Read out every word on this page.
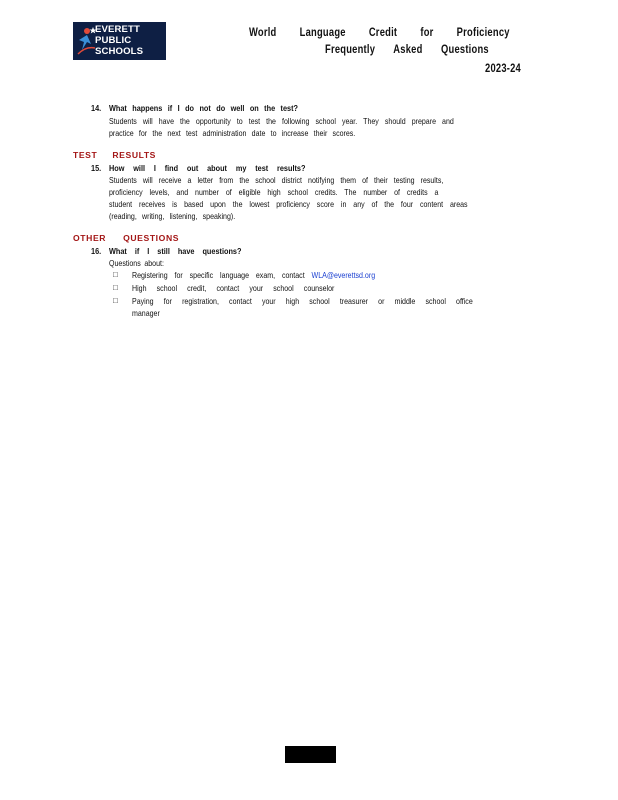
EVERETT
PUBLIC
SCHOOLS
World Language Credit for Proficiency
Frequently Asked Questions
2023-24
14. What happens if I do not do well on the test?
Students will have the opportunity to test the following school year. They should prepare and
practice for the next test administration date to increase their scores.
TEST RESULTS
15. How will I find out about my test results?
Students will receive a letter from the school district notifying them of their testing results,
proficiency levels, and number of eligible high school credits. The number of credits a
student receives is based upon the lowest proficiency score in any of the four content areas
(reading, writing, listening, speaking).
OTHER QUESTIONS
16. What if I still have questions?
Questions about:
□ Registering for specific language exam, contact WLA@everettsd.org
□ High school credit, contact your school counselor
□ Paying for registration, contact your high school treasurer or middle school office
manager
